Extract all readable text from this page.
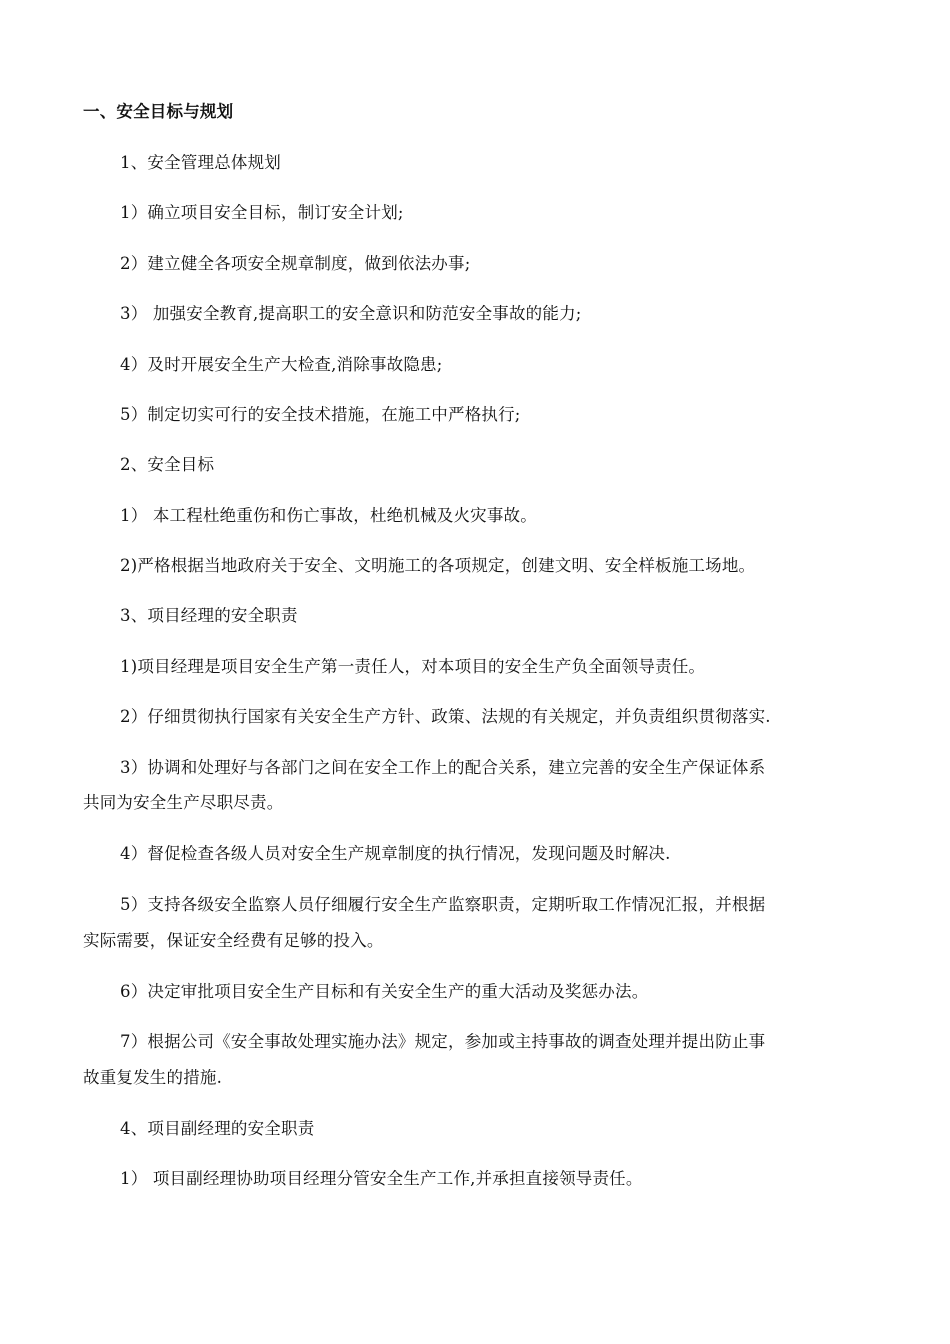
一、安全目标与规划
1、安全管理总体规划
1）确立项目安全目标，制订安全计划;
2）建立健全各项安全规章制度，做到依法办事;
3） 加强安全教育,提高职工的安全意识和防范安全事故的能力;
4）及时开展安全生产大检查,消除事故隐患;
5）制定切实可行的安全技术措施，在施工中严格执行;
2、安全目标
1） 本工程杜绝重伤和伤亡事故，杜绝机械及火灾事故。
2)严格根据当地政府关于安全、文明施工的各项规定，创建文明、安全样板施工场地。
3、项目经理的安全职责
1)项目经理是项目安全生产第一责任人，对本项目的安全生产负全面领导责任。
2）仔细贯彻执行国家有关安全生产方针、政策、法规的有关规定，并负责组织贯彻落实.
3）协调和处理好与各部门之间在安全工作上的配合关系，建立完善的安全生产保证体系
共同为安全生产尽职尽责。
4）督促检查各级人员对安全生产规章制度的执行情况，发现问题及时解决.
5）支持各级安全监察人员仔细履行安全生产监察职责，定期听取工作情况汇报，并根据
实际需要，保证安全经费有足够的投入。
6）决定审批项目安全生产目标和有关安全生产的重大活动及奖惩办法。
7）根据公司《安全事故处理实施办法》规定，参加或主持事故的调查处理并提出防止事
故重复发生的措施.
4、项目副经理的安全职责
1） 项目副经理协助项目经理分管安全生产工作,并承担直接领导责任。
